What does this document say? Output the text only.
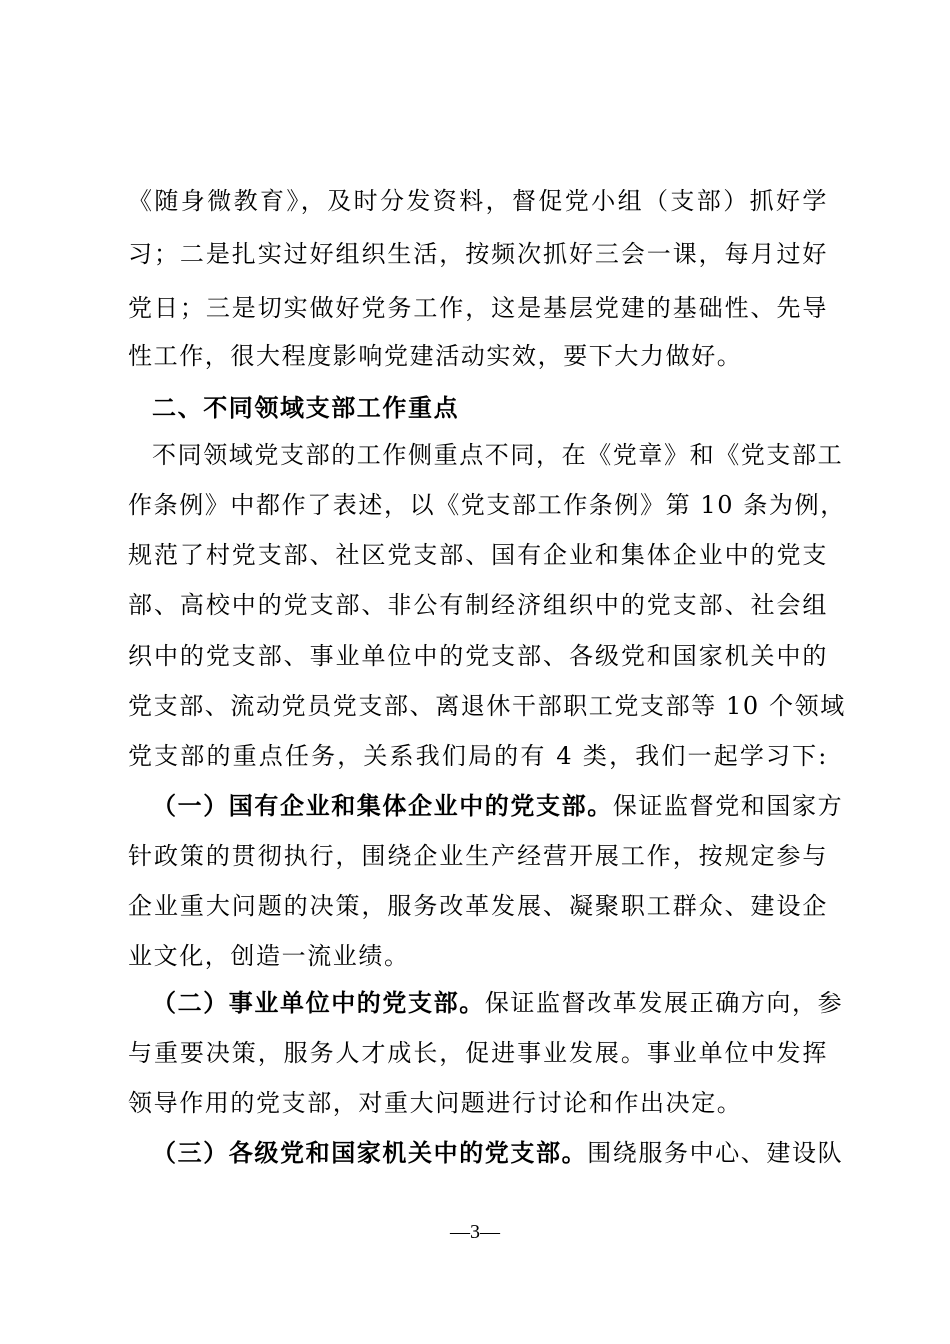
《随身微教育》，及时分发资料，督促党小组（支部）抓好学
习；二是扎实过好组织生活，按频次抓好三会一课，每月过好
党日；三是切实做好党务工作，这是基层党建的基础性、先导
性工作，很大程度影响党建活动实效，要下大力做好。
二、不同领域支部工作重点
不同领域党支部的工作侧重点不同，在《党章》和《党支部工
作条例》中都作了表述，以《党支部工作条例》第 10 条为例，
规范了村党支部、社区党支部、国有企业和集体企业中的党支
部、高校中的党支部、非公有制经济组织中的党支部、社会组
织中的党支部、事业单位中的党支部、各级党和国家机关中的
党支部、流动党员党支部、离退休干部职工党支部等 10 个领域
党支部的重点任务，关系我们局的有 4 类，我们一起学习下:
（一）国有企业和集体企业中的党支部。保证监督党和国家方
针政策的贯彻执行，围绕企业生产经营开展工作，按规定参与
企业重大问题的决策，服务改革发展、凝聚职工群众、建设企
业文化，创造一流业绩。
（二）事业单位中的党支部。保证监督改革发展正确方向，参
与重要决策，服务人才成长，促进事业发展。事业单位中发挥
领导作用的党支部，对重大问题进行讨论和作出决定。
（三）各级党和国家机关中的党支部。围绕服务中心、建设队
—3—
